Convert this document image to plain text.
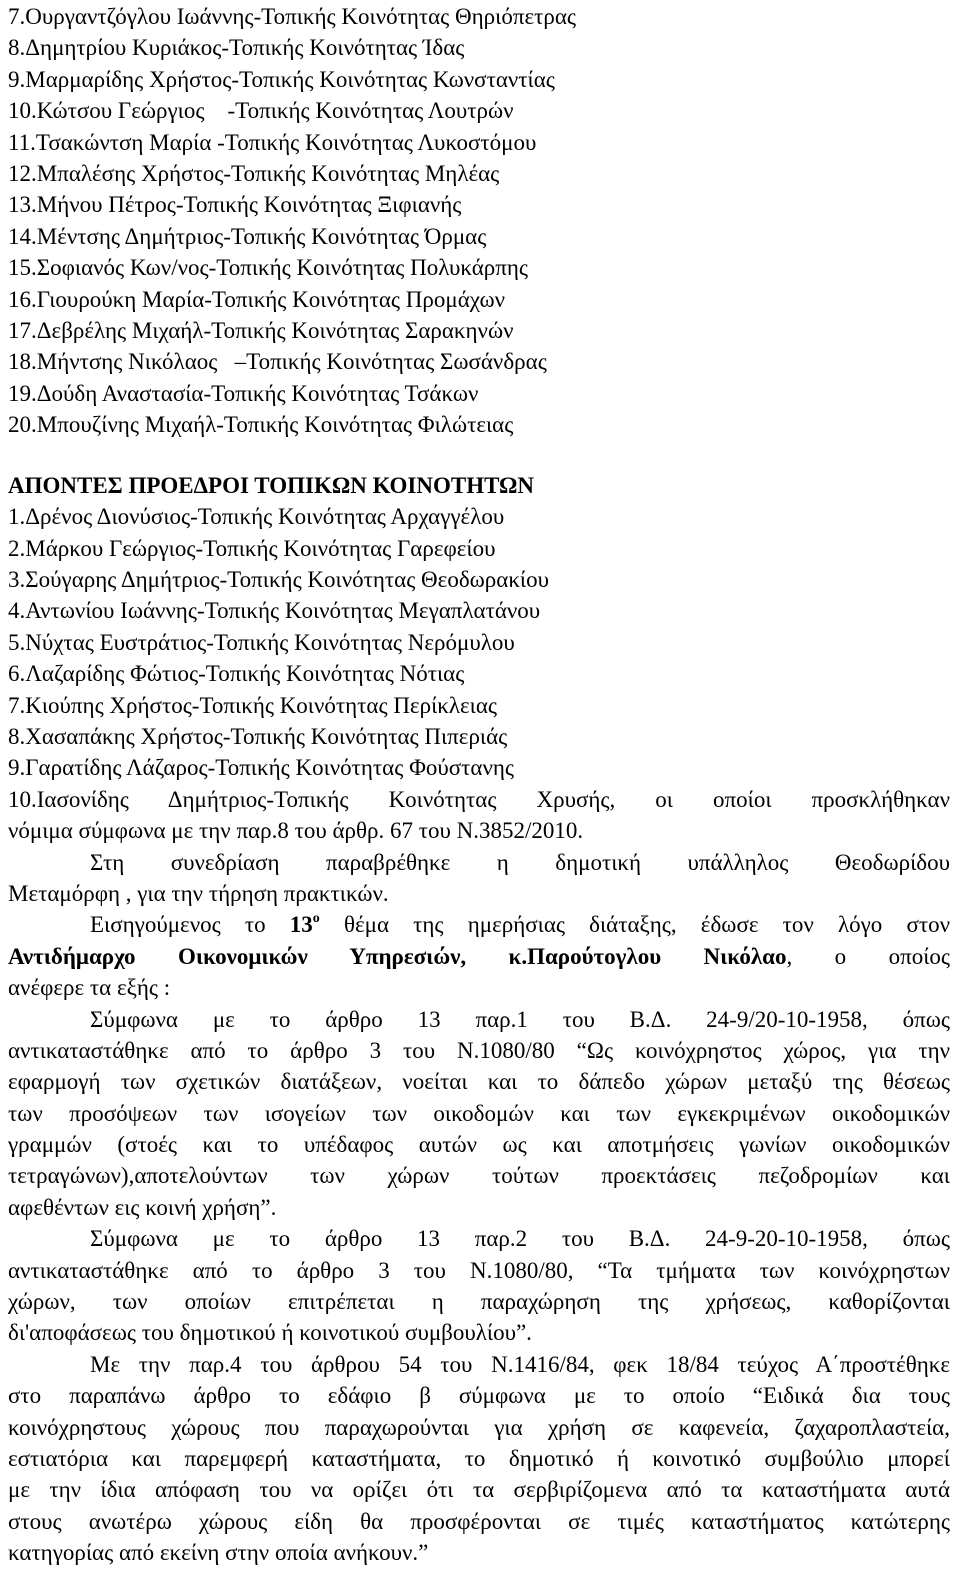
7.Ουργαντζόγλου Ιωάννης-Τοπικής Κοινότητας Θηριόπετρας
8.Δημητρίου Κυριάκος-Τοπικής Κοινότητας Ίδας
9.Μαρμαρίδης Χρήστος-Τοπικής Κοινότητας Κωνσταντίας
10.Κώτσου Γεώργιος    -Τοπικής Κοινότητας Λουτρών
11.Τσακώντση Μαρία -Τοπικής Κοινότητας Λυκοστόμου
12.Μπαλέσης Χρήστος-Τοπικής Κοινότητας Μηλέας
13.Μήνου Πέτρος-Τοπικής Κοινότητας Ξιφιανής
14.Μέντσης Δημήτριος-Τοπικής Κοινότητας Όρμας
15.Σοφιανός Κων/νος-Τοπικής Κοινότητας Πολυκάρπης
16.Γιουρούκη Μαρία-Τοπικής Κοινότητας Προμάχων
17.Δεβρέλης Μιχαήλ-Τοπικής Κοινότητας Σαρακηνών
18.Μήντσης Νικόλαος   –Τοπικής Κοινότητας Σωσάνδρας
19.Δούδη Αναστασία-Τοπικής Κοινότητας Τσάκων
20.Μπουζίνης Μιχαήλ-Τοπικής Κοινότητας Φιλώτειας
ΑΠΟΝΤΕΣ ΠΡΟΕΔΡΟΙ ΤΟΠΙΚΩΝ ΚΟΙΝΟΤΗΤΩΝ
1.Δρένος Διονύσιος-Τοπικής Κοινότητας Αρχαγγέλου
2.Μάρκου Γεώργιος-Τοπικής Κοινότητας Γαρεφείου
3.Σούγαρης Δημήτριος-Τοπικής Κοινότητας Θεοδωρακίου
4.Αντωνίου Ιωάννης-Τοπικής Κοινότητας Μεγαπλατάνου
5.Νύχτας Ευστράτιος-Τοπικής Κοινότητας Νερόμυλου
6.Λαζαρίδης Φώτιος-Τοπικής Κοινότητας Νότιας
7.Κιούπης Χρήστος-Τοπικής Κοινότητας Περίκλειας
8.Χασαπάκης Χρήστος-Τοπικής Κοινότητας Πιπεριάς
9.Γαρατίδης Λάζαρος-Τοπικής Κοινότητας Φούστανης
10.Ιασονίδης Δημήτριος-Τοπικής Κοινότητας Χρυσής, οι οποίοι προσκλήθηκαν
νόμιμα σύμφωνα με την παρ.8 του άρθρ. 67 του Ν.3852/2010.
Στη συνεδρίαση παραβρέθηκε η δημοτική υπάλληλος Θεοδωρίδου
Μεταμόρφη , για την τήρηση πρακτικών.
Εισηγούμενος το $13^o$ θέμα της ημερήσιας διάταξης, έδωσε τον λόγο στον
Αντιδήμαρχο Οικονομικών Υπηρεσιών, κ.Παρούτογλου Νικόλαο, ο οποίος
ανέφερε τα εξής :
Σύμφωνα με το άρθρο 13 παρ.1 του Β.Δ. 24-9/20-10-1958, όπως
αντικαταστάθηκε από το άρθρο 3 του Ν.1080/80 “Ως κοινόχρηστος χώρος, για την
εφαρμογή των σχετικών διατάξεων, νοείται και το δάπεδο χώρων μεταξύ της θέσεως
των προσόψεων των ισογείων των οικοδομών και των εγκεκριμένων οικοδομικών
γραμμών (στοές και το υπέδαφος αυτών ως και αποτμήσεις γωνίων οικοδομικών
τετραγώνων),αποτελούντων των χώρων τούτων προεκτάσεις πεζοδρομίων και
αφεθέντων εις κοινή χρήση”.
Σύμφωνα με το άρθρο 13 παρ.2 του Β.Δ. 24-9-20-10-1958, όπως
αντικαταστάθηκε από το άρθρο 3 του Ν.1080/80, “Τα τμήματα των κοινόχρηστων
χώρων, των οποίων επιτρέπεται η παραχώρηση της χρήσεως, καθορίζονται
δι'αποφάσεως του δημοτικού ή κοινοτικού συμβουλίου”.
Με την παρ.4 του άρθρου 54 του Ν.1416/84, φεκ 18/84 τεύχος Α΄προστέθηκε
στο παραπάνω άρθρο το εδάφιο β σύμφωνα με το οποίο “Ειδικά δια τους
κοινόχρηστους χώρους που παραχωρούνται για χρήση σε καφενεία, ζαχαροπλαστεία,
εστιατόρια και παρεμφερή καταστήματα, το δημοτικό ή κοινοτικό συμβούλιο μπορεί
με την ίδια απόφαση του να ορίζει ότι τα σερβιρίζομενα από τα καταστήματα αυτά
στους ανωτέρω χώρους είδη θα προσφέρονται σε τιμές καταστήματος κατώτερης
κατηγορίας από εκείνη στην οποία ανήκουν.”
